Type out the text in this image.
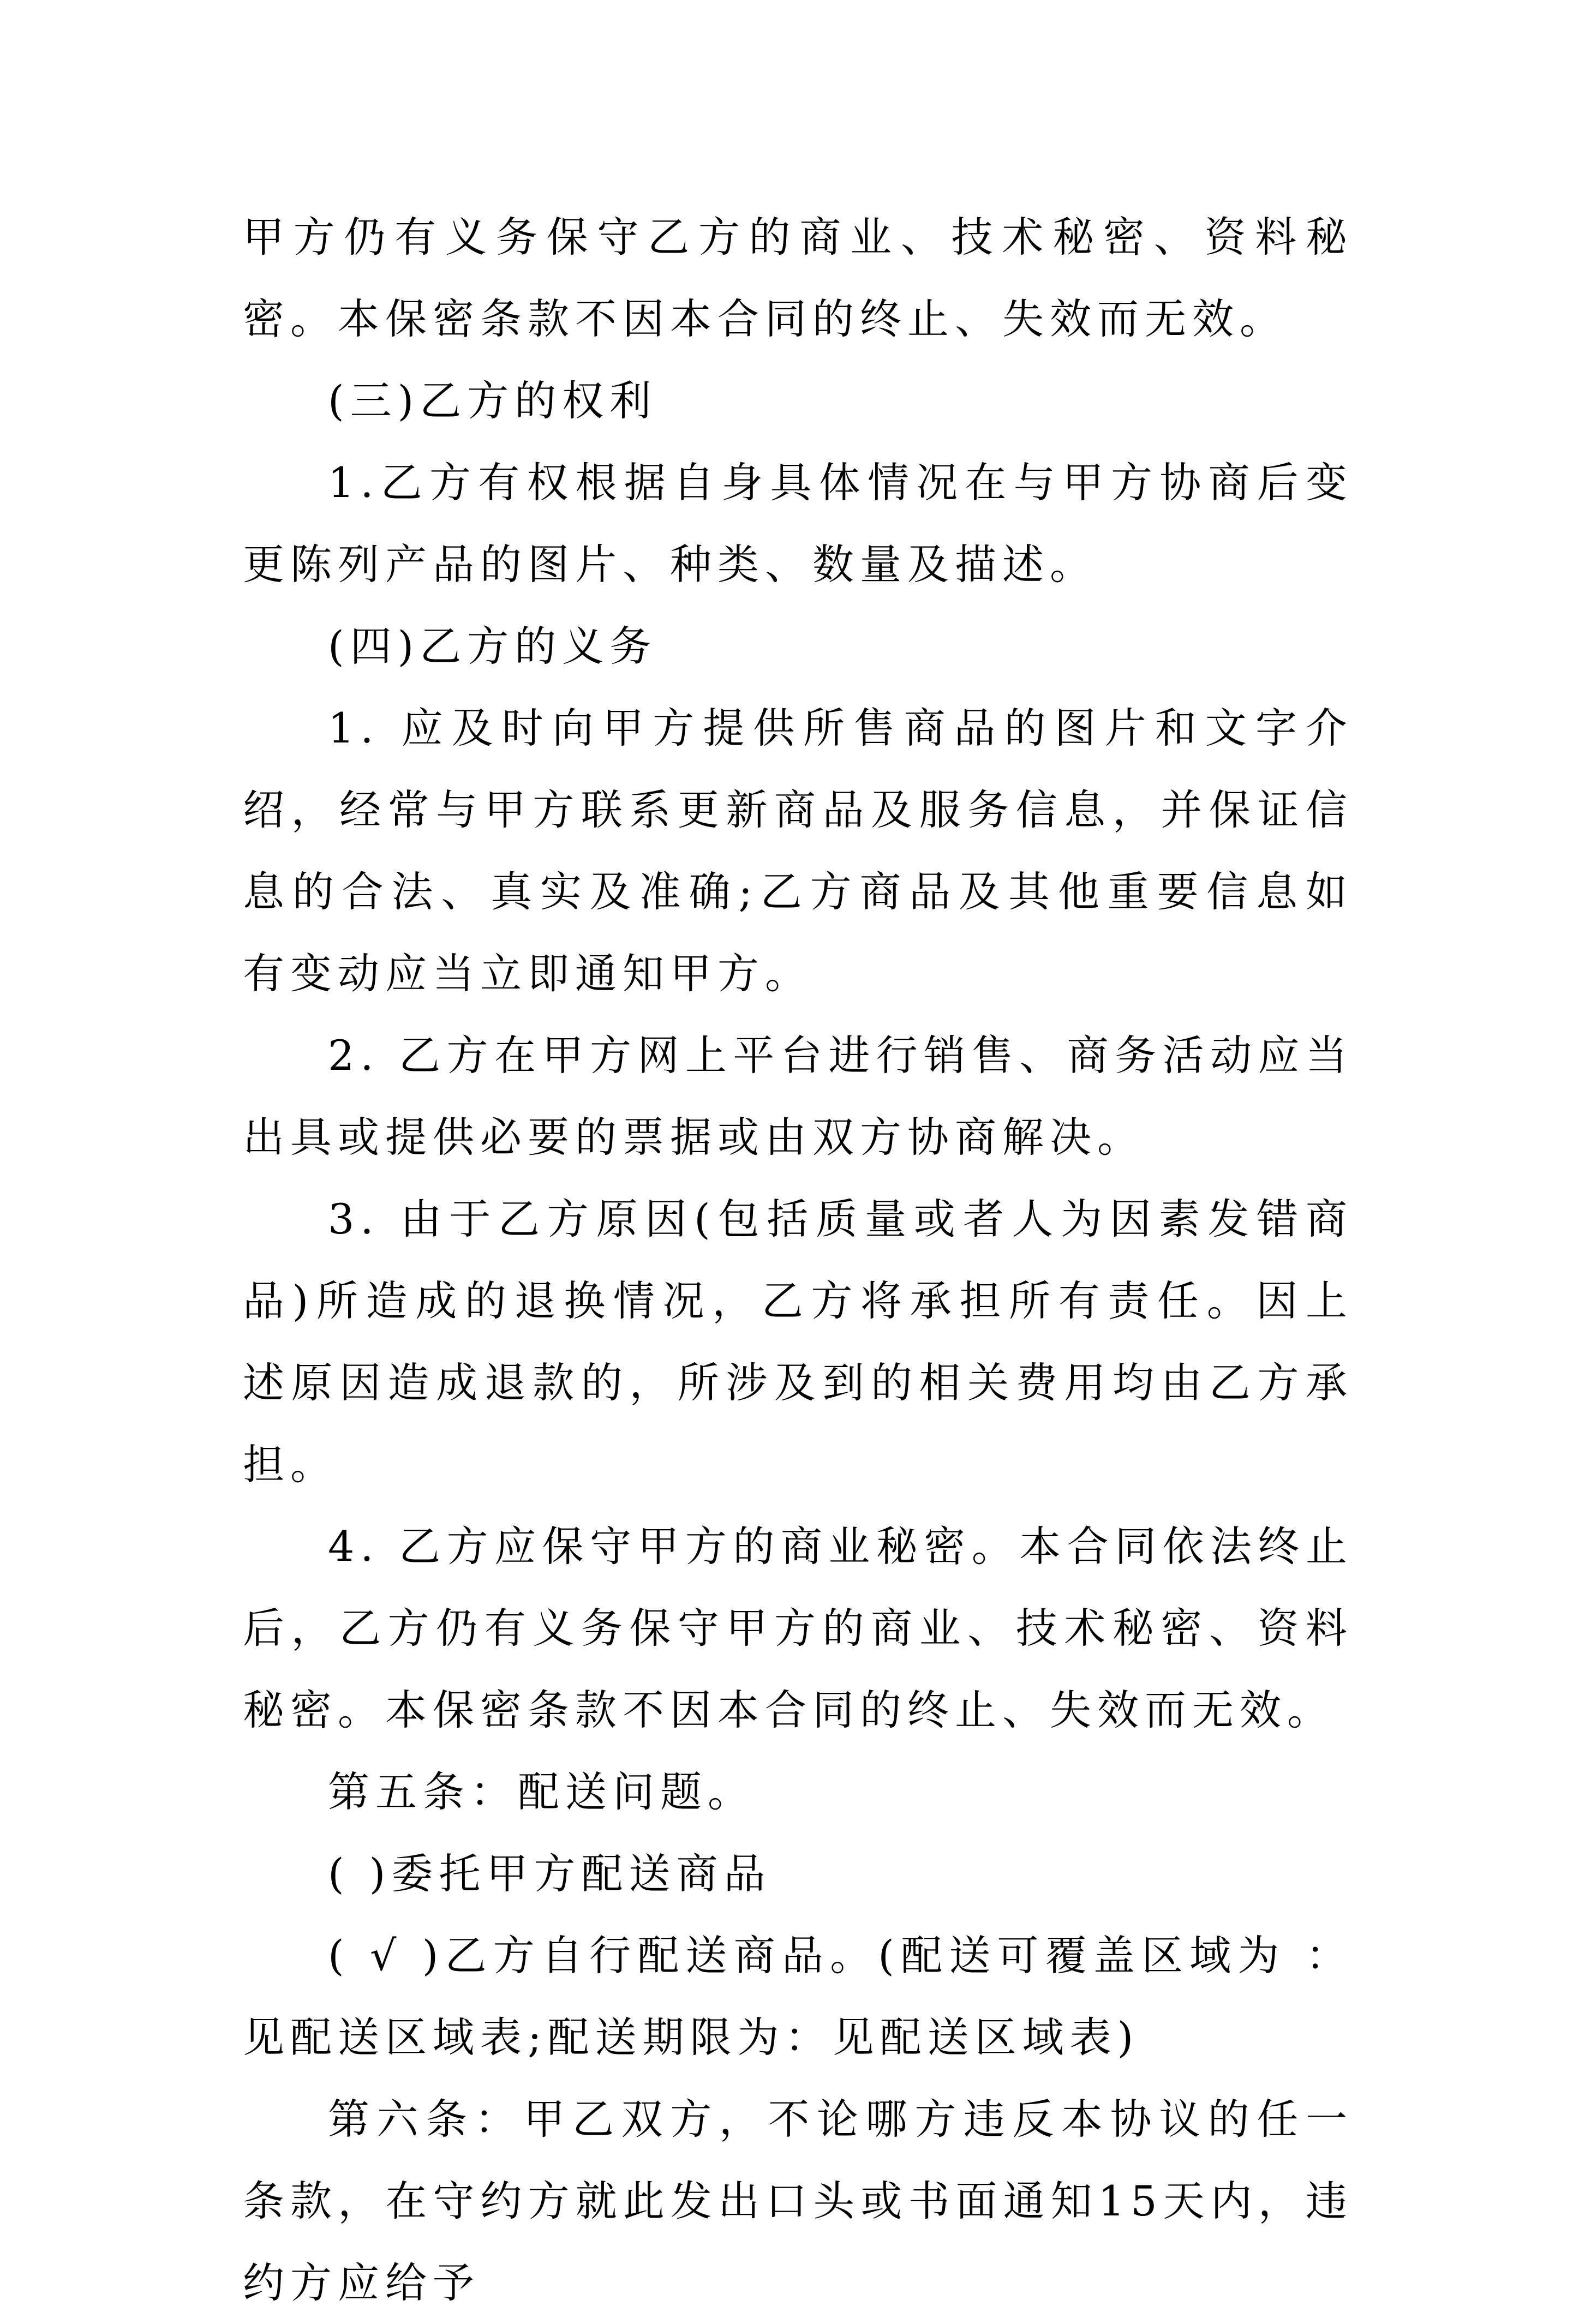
甲方仍有义务保守乙方的商业、技术秘密、资料秘密。本保密条款不因本合同的终止、失效而无效。

(三)乙方的权利

1.乙方有权根据自身具体情况在与甲方协商后变更陈列产品的图片、种类、数量及描述。

(四)乙方的义务

1. 应及时向甲方提供所售商品的图片和文字介绍，经常与甲方联系更新商品及服务信息，并保证信息的合法、真实及准确;乙方商品及其他重要信息如有变动应当立即通知甲方。

2. 乙方在甲方网上平台进行销售、商务活动应当出具或提供必要的票据或由双方协商解决。

3. 由于乙方原因(包括质量或者人为因素发错商品)所造成的退换情况，乙方将承担所有责任。因上述原因造成退款的，所涉及到的相关费用均由乙方承担。

4. 乙方应保守甲方的商业秘密。本合同依法终止后，乙方仍有义务保守甲方的商业、技术秘密、资料秘密。本保密条款不因本合同的终止、失效而无效。

第五条：配送问题。

( )委托甲方配送商品

( √ )乙方自行配送商品。(配送可覆盖区域为 ：见配送区域表;配送期限为：见配送区域表)

第六条：甲乙双方，不论哪方违反本协议的任一条款，在守约方就此发出口头或书面通知15天内，违约方应给予
